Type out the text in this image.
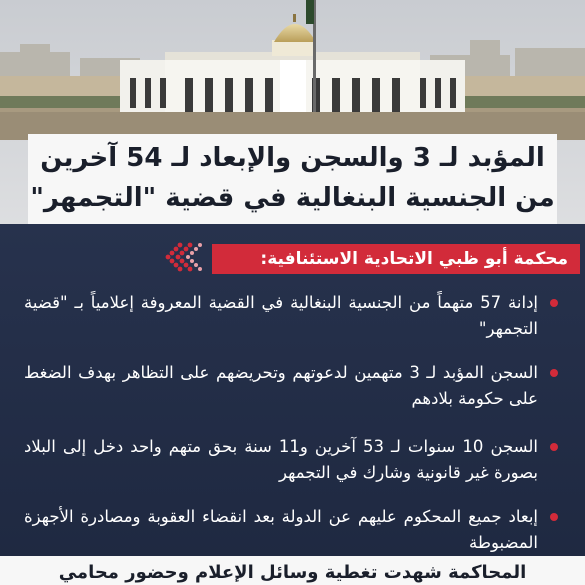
المؤبد لـ 3 والسجن والإبعاد لـ 54 آخرين
من الجنسية البنغالية في قضية "التجمهر"
محكمة أبو ظبي الاتحادية الاستئنافية:
إدانة 57 متهماً من الجنسية البنغالية في القضية المعروفة إعلامياً بـ "قضية التجمهر"
السجن المؤبد لـ 3 متهمين لدعوتهم وتحريضهم على التظاهر بهدف الضغط على حكومة بلادهم
السجن 10 سنوات لـ 53 آخرين و11 سنة بحق متهم واحد دخل إلى البلاد بصورة غير قانونية وشارك في التجمهر
إبعاد جميع المحكوم عليهم عن الدولة بعد انقضاء العقوبة ومصادرة الأجهزة المضبوطة
المحاكمة شهدت تغطية وسائل الإعلام وحضور محامي
